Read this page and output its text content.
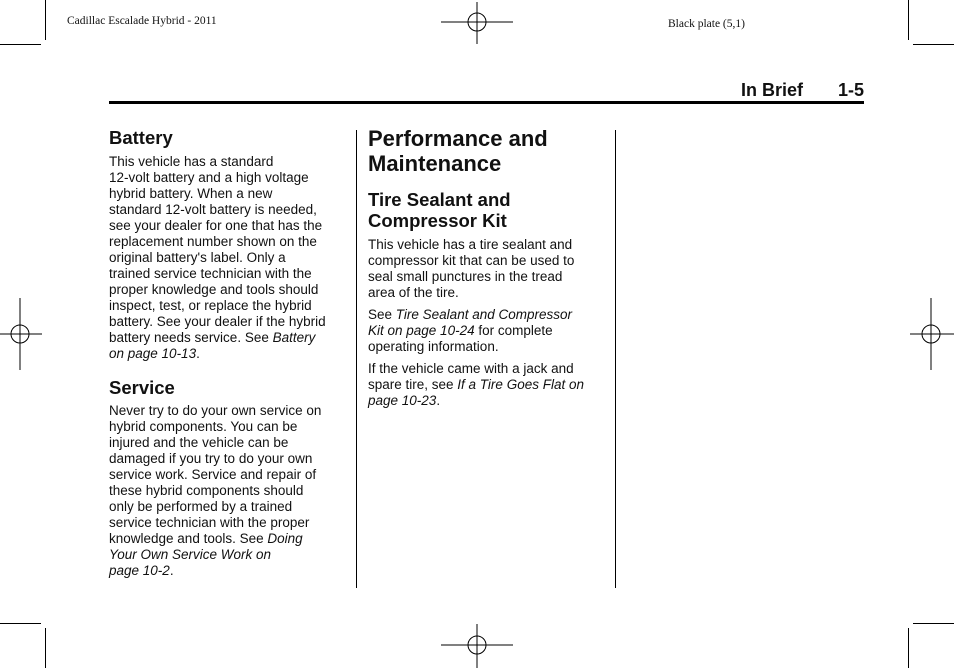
Cadillac Escalade Hybrid - 2011	Black plate (5,1)
In Brief 1-5
Battery

This vehicle has a standard
12-volt battery and a high voltage
hybrid battery. When a new
standard 12-volt battery is needed,
see your dealer for one that has the
replacement number shown on the
original battery's label. Only a
trained service technician with the
proper knowledge and tools should
inspect, test, or replace the hybrid
battery. See your dealer if the hybrid
battery needs service. See Battery
on page 10-13.

Service

Never try to do your own service on
hybrid components. You can be
injured and the vehicle can be
damaged if you try to do your own
service work. Service and repair of
these hybrid components should
only be performed by a trained
service technician with the proper
knowledge and tools. See Doing
Your Own Service Work on
page 10-2.

Performance and
Maintenance
Tire Sealant and
Compressor Kit

This vehicle has a tire sealant and
compressor kit that can be used to
seal small punctures in the tread
area of the tire.

See Tire Sealant and Compressor
Kit on page 10-24 for complete
operating information.

If the vehicle came with a jack and
spare tire, see If a Tire Goes Flat on
page 10-23.
